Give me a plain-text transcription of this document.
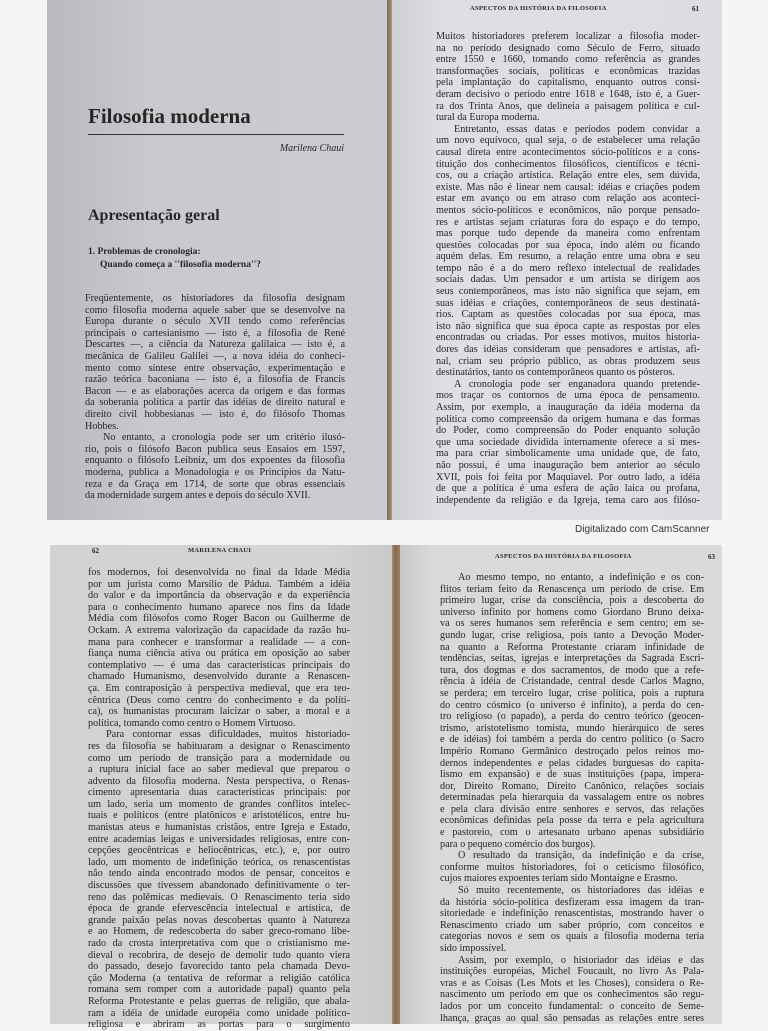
Filosofia moderna
Marilena Chaui
Apresentação geral
1. Problemas de cronologia:
Quando começa a ''filosofia moderna''?
Freqüentemente, os historiadores da filosofia designam
como filosofia moderna aquele saber que se desenvolve na
Europa durante o século XVII tendo como referências
principais o cartesianismo — isto é, a filosofia de René
Descartes —, a ciência da Natureza galilaica — isto é, a
mecânica de Galileu Galilei —, a nova idéia do conheci-
mento como síntese entre observação, experimentação e
razão teórica baconiana — isto é, a filosofia de Francis
Bacon — e as elaborações acerca da origem e das formas
da soberania política a partir das idéias de direito natural e
direito civil hobbesianas — isto é, do filósofo Thomas
Hobbes.
No entanto, a cronologia pode ser um critério ilusó-
rio, pois o filósofo Bacon publica seus Ensaios em 1597,
enquanto o filósofo Leibniz, um dos expoentes da filosofia
moderna, publica a Monadologia e os Princípios da Natu-
reza e da Graça em 1714, de sorte que obras essenciais
da modernidade surgem antes e depois do século XVII.
ASPECTOS DA HISTÓRIA DA FILOSOFIA	61
Muitos historiadores preferem localizar a filosofia moder-
na no período designado como Século de Ferro, situado
entre 1550 e 1660, tomando como referência as grandes
transformações sociais, políticas e econômicas trazidas
pela implantação do capitalismo, enquanto outros consi-
deram decisivo o período entre 1618 e 1648, isto é, a Guer-
ra dos Trinta Anos, que delineia a paisagem política e cul-
tural da Europa moderna.
Entretanto, essas datas e períodos podem convidar a
um novo equívoco, qual seja, o de estabelecer uma relação
causal direta entre acontecimentos sócio-políticos e a cons-
tituição dos conhecimentos filosóficos, científicos e técni-
cos, ou a criação artística. Relação entre eles, sem dúvida,
existe. Mas não é linear nem causal: idéias e criações podem
estar em avanço ou em atraso com relação aos aconteci-
mentos sócio-políticos e econômicos, não porque pensado-
res e artistas sejam criaturas fora do espaço e do tempo,
mas porque tudo depende da maneira como enfrentam
questões colocadas por sua época, indo além ou ficando
aquém delas. Em resumo, a relação entre uma obra e seu
tempo não é a do mero reflexo intelectual de realidades
sociais dadas. Um pensador e um artista se dirigem aos
seus contemporâneos, mas isto não significa que sejam, em
suas idéias e criações, contemporâneos de seus destinatá-
rios. Captam as questões colocadas por sua época, mas
isto não significa que sua época capte as respostas por eles
encontradas ou criadas. Por esses motivos, muitos historia-
dores das idéias consideram que pensadores e artistas, afi-
nal, criam seu próprio público, as obras produzem seus
destinatários, tanto os contemporâneos quanto os pósteros.
A cronologia pode ser enganadora quando pretende-
mos traçar os contornos de uma época de pensamento.
Assim, por exemplo, a inauguração da idéia moderna da
política como compreensão da origem humana e das formas
do Poder, como compreensão do Poder enquanto solução
que uma sociedade dividida internamente oferece a si mes-
ma para criar simbolicamente uma unidade que, de fato,
não possui, é uma inauguração bem anterior ao século
XVII, pois foi feita por Maquiavel. Por outro lado, a idéia
de que a política é uma esfera de ação laica ou profana,
independente da religião e da Igreja, tema caro aos filóso-
Digitalizado com CamScanner
62	MARILENA CHAUI
fos modernos, foi desenvolvida no final da Idade Média
por um jurista como Marsílio de Pádua. Também a idéia
do valor e da importância da observação e da experiência
para o conhecimento humano aparece nos fins da Idade
Média com filósofos como Roger Bacon ou Guilherme de
Ockam. A extrema valorização da capacidade da razão hu-
mana para conhecer e transformar a realidade — a con-
fiança numa ciência ativa ou prática em oposição ao saber
contemplativo — é uma das características principais do
chamado Humanismo, desenvolvido durante a Renascen-
ça. Em contraposição à perspectiva medieval, que era teo-
cêntrica (Deus como centro do conhecimento e da políti-
ca), os humanistas procuram laicizar o saber, a moral e a
política, tomando como centro o Homem Virtuoso.
Para contornar essas dificuldades, muitos historiado-
res da filosofia se habituaram a designar o Renascimento
como um período de transição para a modernidade ou
a ruptura inicial face ao saber medieval que preparou o
advento da filosofia moderna. Nesta perspectiva, o Renas-
cimento apresentaria duas características principais: por
um lado, seria um momento de grandes conflitos intelec-
tuais e políticos (entre platônicos e aristotélicos, entre hu-
manistas ateus e humanistas cristãos, entre Igreja e Estado,
entre academias leigas e universidades religiosas, entre con-
cepções geocêntricas e heliocêntricas, etc.), e, por outro
lado, um momento de indefinição teórica, os renascentistas
não tendo ainda encontrado modos de pensar, conceitos e
discussões que tivessem abandonado definitivamente o ter-
reno das polêmicas medievais. O Renascimento teria sido
época de grande efervescência intelectual e artística, de
grande paixão pelas novas descobertas quanto à Natureza
e ao Homem, de redescoberta do saber greco-romano libe-
rado da crosta interpretativa com que o cristianismo me-
dieval o recobrira, de desejo de demolir tudo quanto viera
do passado, desejo favorecido tanto pela chamada Devo-
ção Moderna (a tentativa de reformar a religião católica
romana sem romper com a autoridade papal) quanto pela
Reforma Protestante e pelas guerras de religião, que abala-
ram a idéia de unidade européia como unidade político-
religiosa e abriram as portas para o surgimento
ASPECTOS DA HISTÓRIA DA FILOSOFIA	63
Ao mesmo tempo, no entanto, a indefinição e os con-
flitos teriam feito da Renascença um período de crise. Em
primeiro lugar, crise da consciência, pois a descoberta do
universo infinito por homens como Giordano Bruno deixa-
va os seres humanos sem referência e sem centro; em se-
gundo lugar, crise religiosa, pois tanto a Devoção Moder-
na quanto a Reforma Protestante criaram infinidade de
tendências, seitas, igrejas e interpretações da Sagrada Escri-
tura, dos dogmas e dos sacramentos, de modo que a refe-
rência à idéia de Cristandade, central desde Carlos Magno,
se perdera; em terceiro lugar, crise política, pois a ruptura
do centro cósmico (o universo é infinito), a perda do cen-
tro religioso (o papado), a perda do centro teórico (geocen-
trismo, aristotelismo tomista, mundo hierárquico de seres
e de idéias) foi também a perda do centro político (o Sacro
Império Romano Germânico destroçado pelos reinos mo-
dernos independentes e pelas cidades burguesas do capita-
lismo em expansão) e de suas instituições (papa, impera-
dor, Direito Romano, Direito Canônico, relações sociais
determinadas pela hierarquia da vassalagem entre os nobres
e pela clara divisão entre senhores e servos, das relações
econômicas definidas pela posse da terra e pela agricultura
e pastoreio, com o artesanato urbano apenas subsidiário
para o pequeno comércio dos burgos).
O resultado da transição, da indefinição e da crise,
conforme muitos historiadores, foi o ceticismo filosófico,
cujos maiores expoentes teriam sido Montaigne e Erasmo.
Só muito recentemente, os historiadores das idéias e
da história sócio-política desfizeram essa imagem da tran-
sitoriedade e indefinição renascentistas, mostrando haver o
Renascimento criado um saber próprio, com conceitos e
categorias novos e sem os quais a filosofia moderna teria
sido impossível.
Assim, por exemplo, o historiador das idéias e das
instituições européias, Michel Foucault, no livro As Pala-
vras e as Coisas (Les Mots et les Choses), considera o Re-
nascimento um período em que os conhecimentos são regu-
lados por um conceito fundamental: o conceito de Seme-
lhança, graças ao qual são pensadas as relações entre seres
